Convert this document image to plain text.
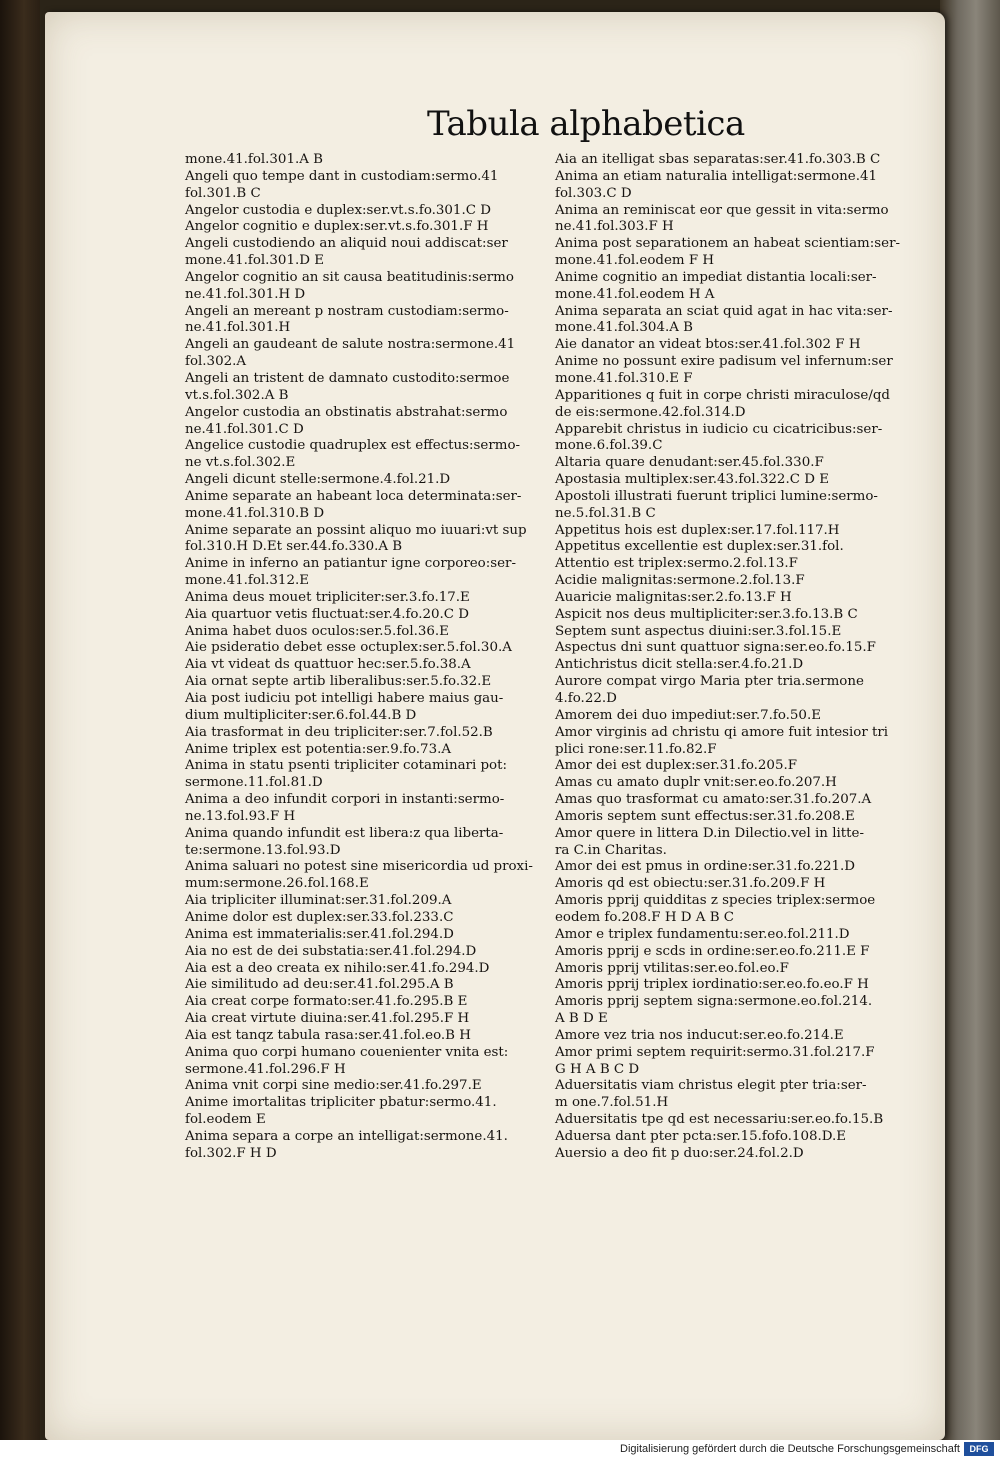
Tabula alphabetica
mone.41.fol.301.A B
Angeli quo tempe dant in custodiam:sermo.41
fol.301.B C
Angelor custodia e duplex:ser.vt.s.fo.301.C D
Angelor cognitio e duplex:ser.vt.s.fo.301.F H
Angeli custodiendo an aliquid noui addiscat:ser
mone.41.fol.301.D E
Angelor cognitio an sit causa beatitudinis:sermo
ne.41.fol.301.H D
Angeli an mereant p nostram custodiam:sermo-
ne.41.fol.301.H
Angeli an gaudeant de salute nostra:sermone.41
fol.302.A
Angeli an tristent de damnato custodito:sermoe
vt.s.fol.302.A B
Angelor custodia an obstinatis abstrahat:sermo
ne.41.fol.301.C D
Angelice custodie quadruplex est effectus:sermo-
ne vt.s.fol.302.E
Angeli dicunt stelle:sermone.4.fol.21.D
Anime separate an habeant loca determinata:ser-
mone.41.fol.310.B D
Anime separate an possint aliquo mo iuuari:vt sup
fol.310.H D.Et ser.44.fo.330.A B
Anime in inferno an patiantur igne corporeo:ser-
mone.41.fol.312.E
Anima deus mouet tripliciter:ser.3.fo.17.E
Aia quartuor vetis fluctuat:ser.4.fo.20.C D
Anima habet duos oculos:ser.5.fol.36.E
Aie psideratio debet esse octuplex:ser.5.fol.30.A
Aia vt videat ds quattuor hec:ser.5.fo.38.A
Aia ornat septe artib liberalibus:ser.5.fo.32.E
Aia post iudiciu pot intelligi habere maius gau-
dium multipliciter:ser.6.fol.44.B D
Aia trasformat in deu tripliciter:ser.7.fol.52.B
Anime triplex est potentia:ser.9.fo.73.A
Anima in statu psenti tripliciter cotaminari pot:
sermone.11.fol.81.D
Anima a deo infundit corpori in instanti:sermo-
ne.13.fol.93.F H
Anima quando infundit est libera:z qua liberta-
te:sermone.13.fol.93.D
Anima saluari no potest sine misericordia ud proxi-
mum:sermone.26.fol.168.E
Aia tripliciter illuminat:ser.31.fol.209.A
Anime dolor est duplex:ser.33.fol.233.C
Anima est immaterialis:ser.41.fol.294.D
Aia no est de dei substatia:ser.41.fol.294.D
Aia est a deo creata ex nihilo:ser.41.fo.294.D
Aie similitudo ad deu:ser.41.fol.295.A B
Aia creat corpe formato:ser.41.fo.295.B E
Aia creat virtute diuina:ser.41.fol.295.F H
Aia est tanqz tabula rasa:ser.41.fol.eo.B H
Anima quo corpi humano couenienter vnita est:
sermone.41.fol.296.F H
Anima vnit corpi sine medio:ser.41.fo.297.E
Anime imortalitas tripliciter pbatur:sermo.41.
fol.eodem E
Anima separa a corpe an intelligat:sermone.41.
fol.302.F H D
Aia an itelligat sbas separatas:ser.41.fo.303.B C
Anima an etiam naturalia intelligat:sermone.41
fol.303.C D
Anima an reminiscat eor que gessit in vita:sermo
ne.41.fol.303.F H
Anima post separationem an habeat scientiam:ser-
mone.41.fol.eodem F H
Anime cognitio an impediat distantia locali:ser-
mone.41.fol.eodem H A
Anima separata an sciat quid agat in hac vita:ser-
mone.41.fol.304.A B
Aie danator an videat btos:ser.41.fol.302 F H
Anime no possunt exire padisum vel infernum:ser
mone.41.fol.310.E F
Apparitiones q fuit in corpe christi miraculose/qd
de eis:sermone.42.fol.314.D
Apparebit christus in iudicio cu cicatricibus:ser-
mone.6.fol.39.C
Altaria quare denudant:ser.45.fol.330.F
Apostasia multiplex:ser.43.fol.322.C D E
Apostoli illustrati fuerunt triplici lumine:sermo-
ne.5.fol.31.B C
Appetitus hois est duplex:ser.17.fol.117.H
Appetitus excellentie est duplex:ser.31.fol.
Attentio est triplex:sermo.2.fol.13.F
Acidie malignitas:sermone.2.fol.13.F
Auaricie malignitas:ser.2.fo.13.F H
Aspicit nos deus multipliciter:ser.3.fo.13.B C
Septem sunt aspectus diuini:ser.3.fol.15.E
Aspectus dni sunt quattuor signa:ser.eo.fo.15.F
Antichristus dicit stella:ser.4.fo.21.D
Aurore compat virgo Maria pter tria.sermone
4.fo.22.D
Amorem dei duo impediut:ser.7.fo.50.E
Amor virginis ad christu qi amore fuit intesior tri
plici rone:ser.11.fo.82.F
Amor dei est duplex:ser.31.fo.205.F
Amas cu amato duplr vnit:ser.eo.fo.207.H
Amas quo trasformat cu amato:ser.31.fo.207.A
Amoris septem sunt effectus:ser.31.fo.208.E
Amor quere in littera D.in Dilectio.vel in litte-
ra C.in Charitas.
Amor dei est pmus in ordine:ser.31.fo.221.D
Amoris qd est obiectu:ser.31.fo.209.F H
Amoris pprij quidditas z species triplex:sermoe
eodem fo.208.F H D A B C
Amor e triplex fundamentu:ser.eo.fol.211.D
Amoris pprij e scds in ordine:ser.eo.fo.211.E F
Amoris pprij vtilitas:ser.eo.fol.eo.F
Amoris pprij triplex iordinatio:ser.eo.fo.eo.F H
Amoris pprij septem signa:sermone.eo.fol.214.
A B D E
Amore vez tria nos inducut:ser.eo.fo.214.E
Amor primi septem requirit:sermo.31.fol.217.F
G H A B C D
Aduersitatis viam christus elegit pter tria:ser-
m one.7.fol.51.H
Aduersitatis tpe qd est necessariu:ser.eo.fo.15.B
Aduersa dant pter pcta:ser.15.fofo.108.D.E
Auersio a deo fit p duo:ser.24.fol.2.D
Digitalisierung gefördert durch die Deutsche Forschungsgemeinschaft	DFG
